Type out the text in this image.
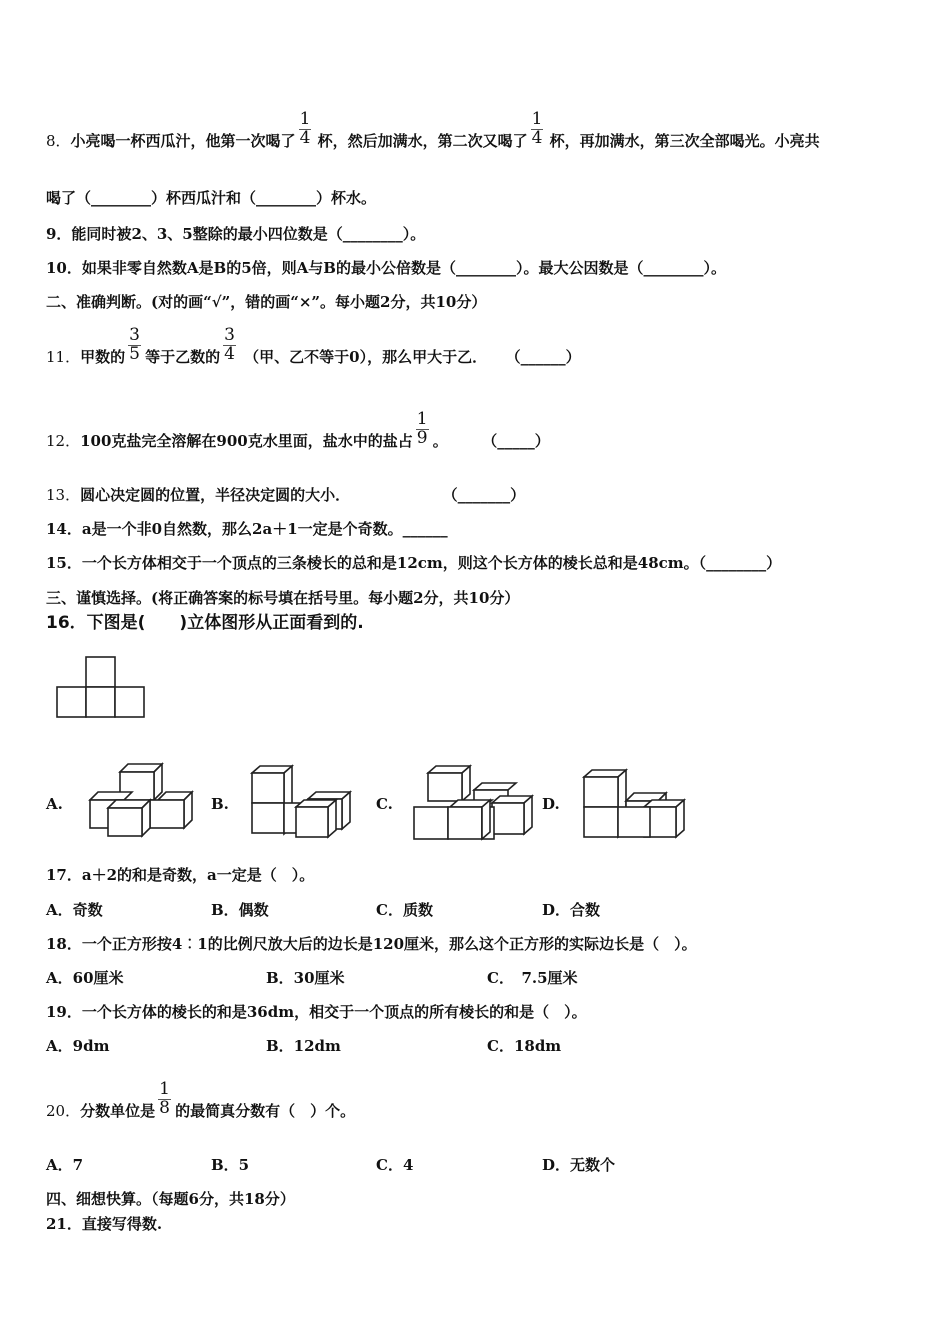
8．小亮喝一杯西瓜汁，他第一次喝了 $\frac{1}{4}$ 杯，然后加满水，第二次又喝了 $\frac{1}{4}$ 杯，再加满水，第三次全部喝光。小亮共
喝了（________）杯西瓜汁和（________）杯水。
9．能同时被2、3、5整除的最小四位数是（________）。
10．如果非零自然数A是B的5倍，则A与B的最小公倍数是（________）。最大公因数是（________）。
二、准确判断。(对的画“√”，错的画“×”。每小题2分，共10分）
11．甲数的 $\frac{3}{5}$ 等于乙数的 $\frac{3}{4}$ （甲、乙不等于0），那么甲大于乙． （______）
12．100克盐完全溶解在900克水里面，盐水中的盐占 $\frac{1}{9}$ 。	（_____）
13．圆心决定圆的位置，半径决定圆的大小．	（_______）
14．a是一个非0自然数，那么2a＋1一定是个奇数。______
15．一个长方体相交于一个顶点的三条棱长的总和是12cm，则这个长方体的棱长总和是48cm。（________）
三、谨慎选择。(将正确答案的标号填在括号里。每小题2分，共10分）
16．下图是(　　)立体图形从正面看到的.
A.	B.	C.	D.
17．a＋2的和是奇数，a一定是（　）。
A．奇数	B．偶数	C．质数	D．合数
18．一个正方形按4︰1的比例尺放大后的边长是120厘米，那么这个正方形的实际边长是（　）。
A．60厘米	B．30厘米	C．　7.5厘米
19．一个长方体的棱长的和是36dm，相交于一个顶点的所有棱长的和是（　）。
A．9dm	B．12dm	C．18dm
20．分数单位是 $\frac{1}{8}$ 的最简真分数有（　）个。
A．7	B．5	C．4	D．无数个
四、细想快算。（每题6分，共18分）
21．直接写得数.
